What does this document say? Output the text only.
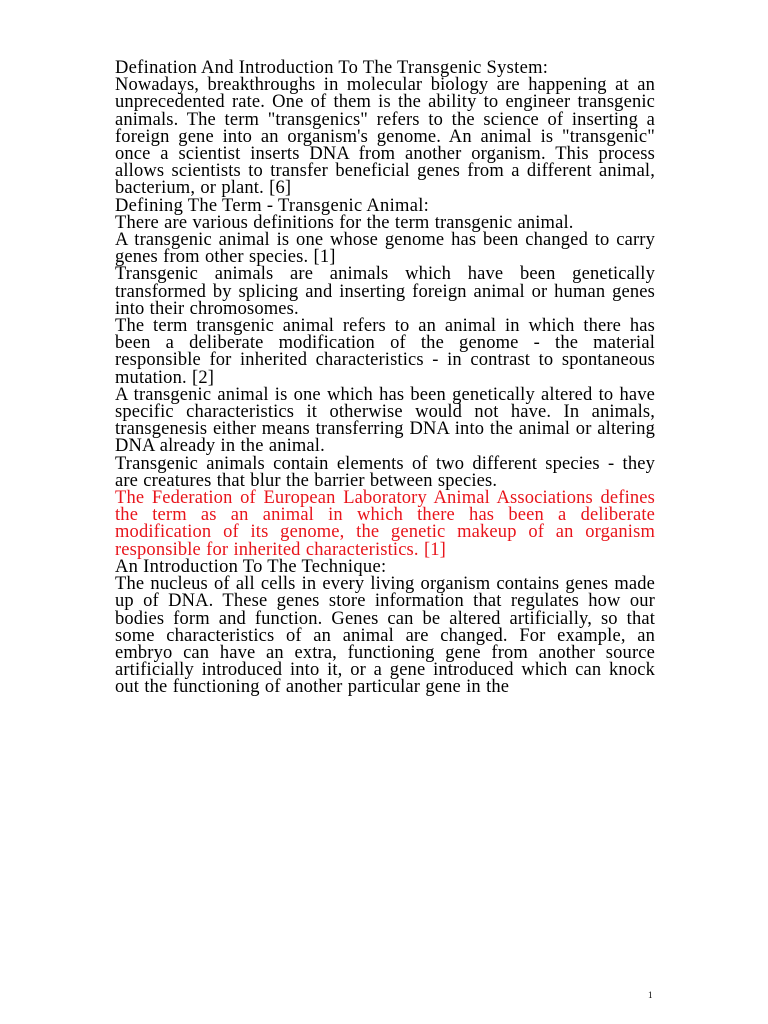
Defination And Introduction To The Transgenic System:

Nowadays, breakthroughs in molecular biology are happening at an unprecedented rate. One of them is the ability to engineer transgenic animals. The term "transgenics" refers to the science of inserting a foreign gene into an organism's genome. An animal is "transgenic" once a scientist inserts DNA from another organism. This process allows scientists to transfer beneficial genes from a different animal, bacterium, or plant. [6]

Defining The Term - Transgenic Animal:

There are various definitions for the term transgenic animal.

A transgenic animal is one whose genome has been changed to carry genes from other species. [1]

Transgenic animals are animals which have been genetically transformed by splicing and inserting foreign animal or human genes into their chromosomes.

The term transgenic animal refers to an animal in which there has been a deliberate modification of the genome - the material responsible for inherited characteristics - in contrast to spontaneous mutation. [2]

A transgenic animal is one which has been genetically altered to have specific characteristics it otherwise would not have. In animals, transgenesis either means transferring DNA into the animal or altering DNA already in the animal.

Transgenic animals contain elements of two different species - they are creatures that blur the barrier between species.

The Federation of European Laboratory Animal Associations defines the term as an animal in which there has been a deliberate modification of its genome, the genetic makeup of an organism responsible for inherited characteristics. [1]

An Introduction To The Technique:

The nucleus of all cells in every living organism contains genes made up of DNA. These genes store information that regulates how our bodies form and function. Genes can be altered artificially, so that some characteristics of an animal are changed. For example, an embryo can have an extra, functioning gene from another source artificially introduced into it, or a gene introduced which can knock out the functioning of another particular gene in the

1
